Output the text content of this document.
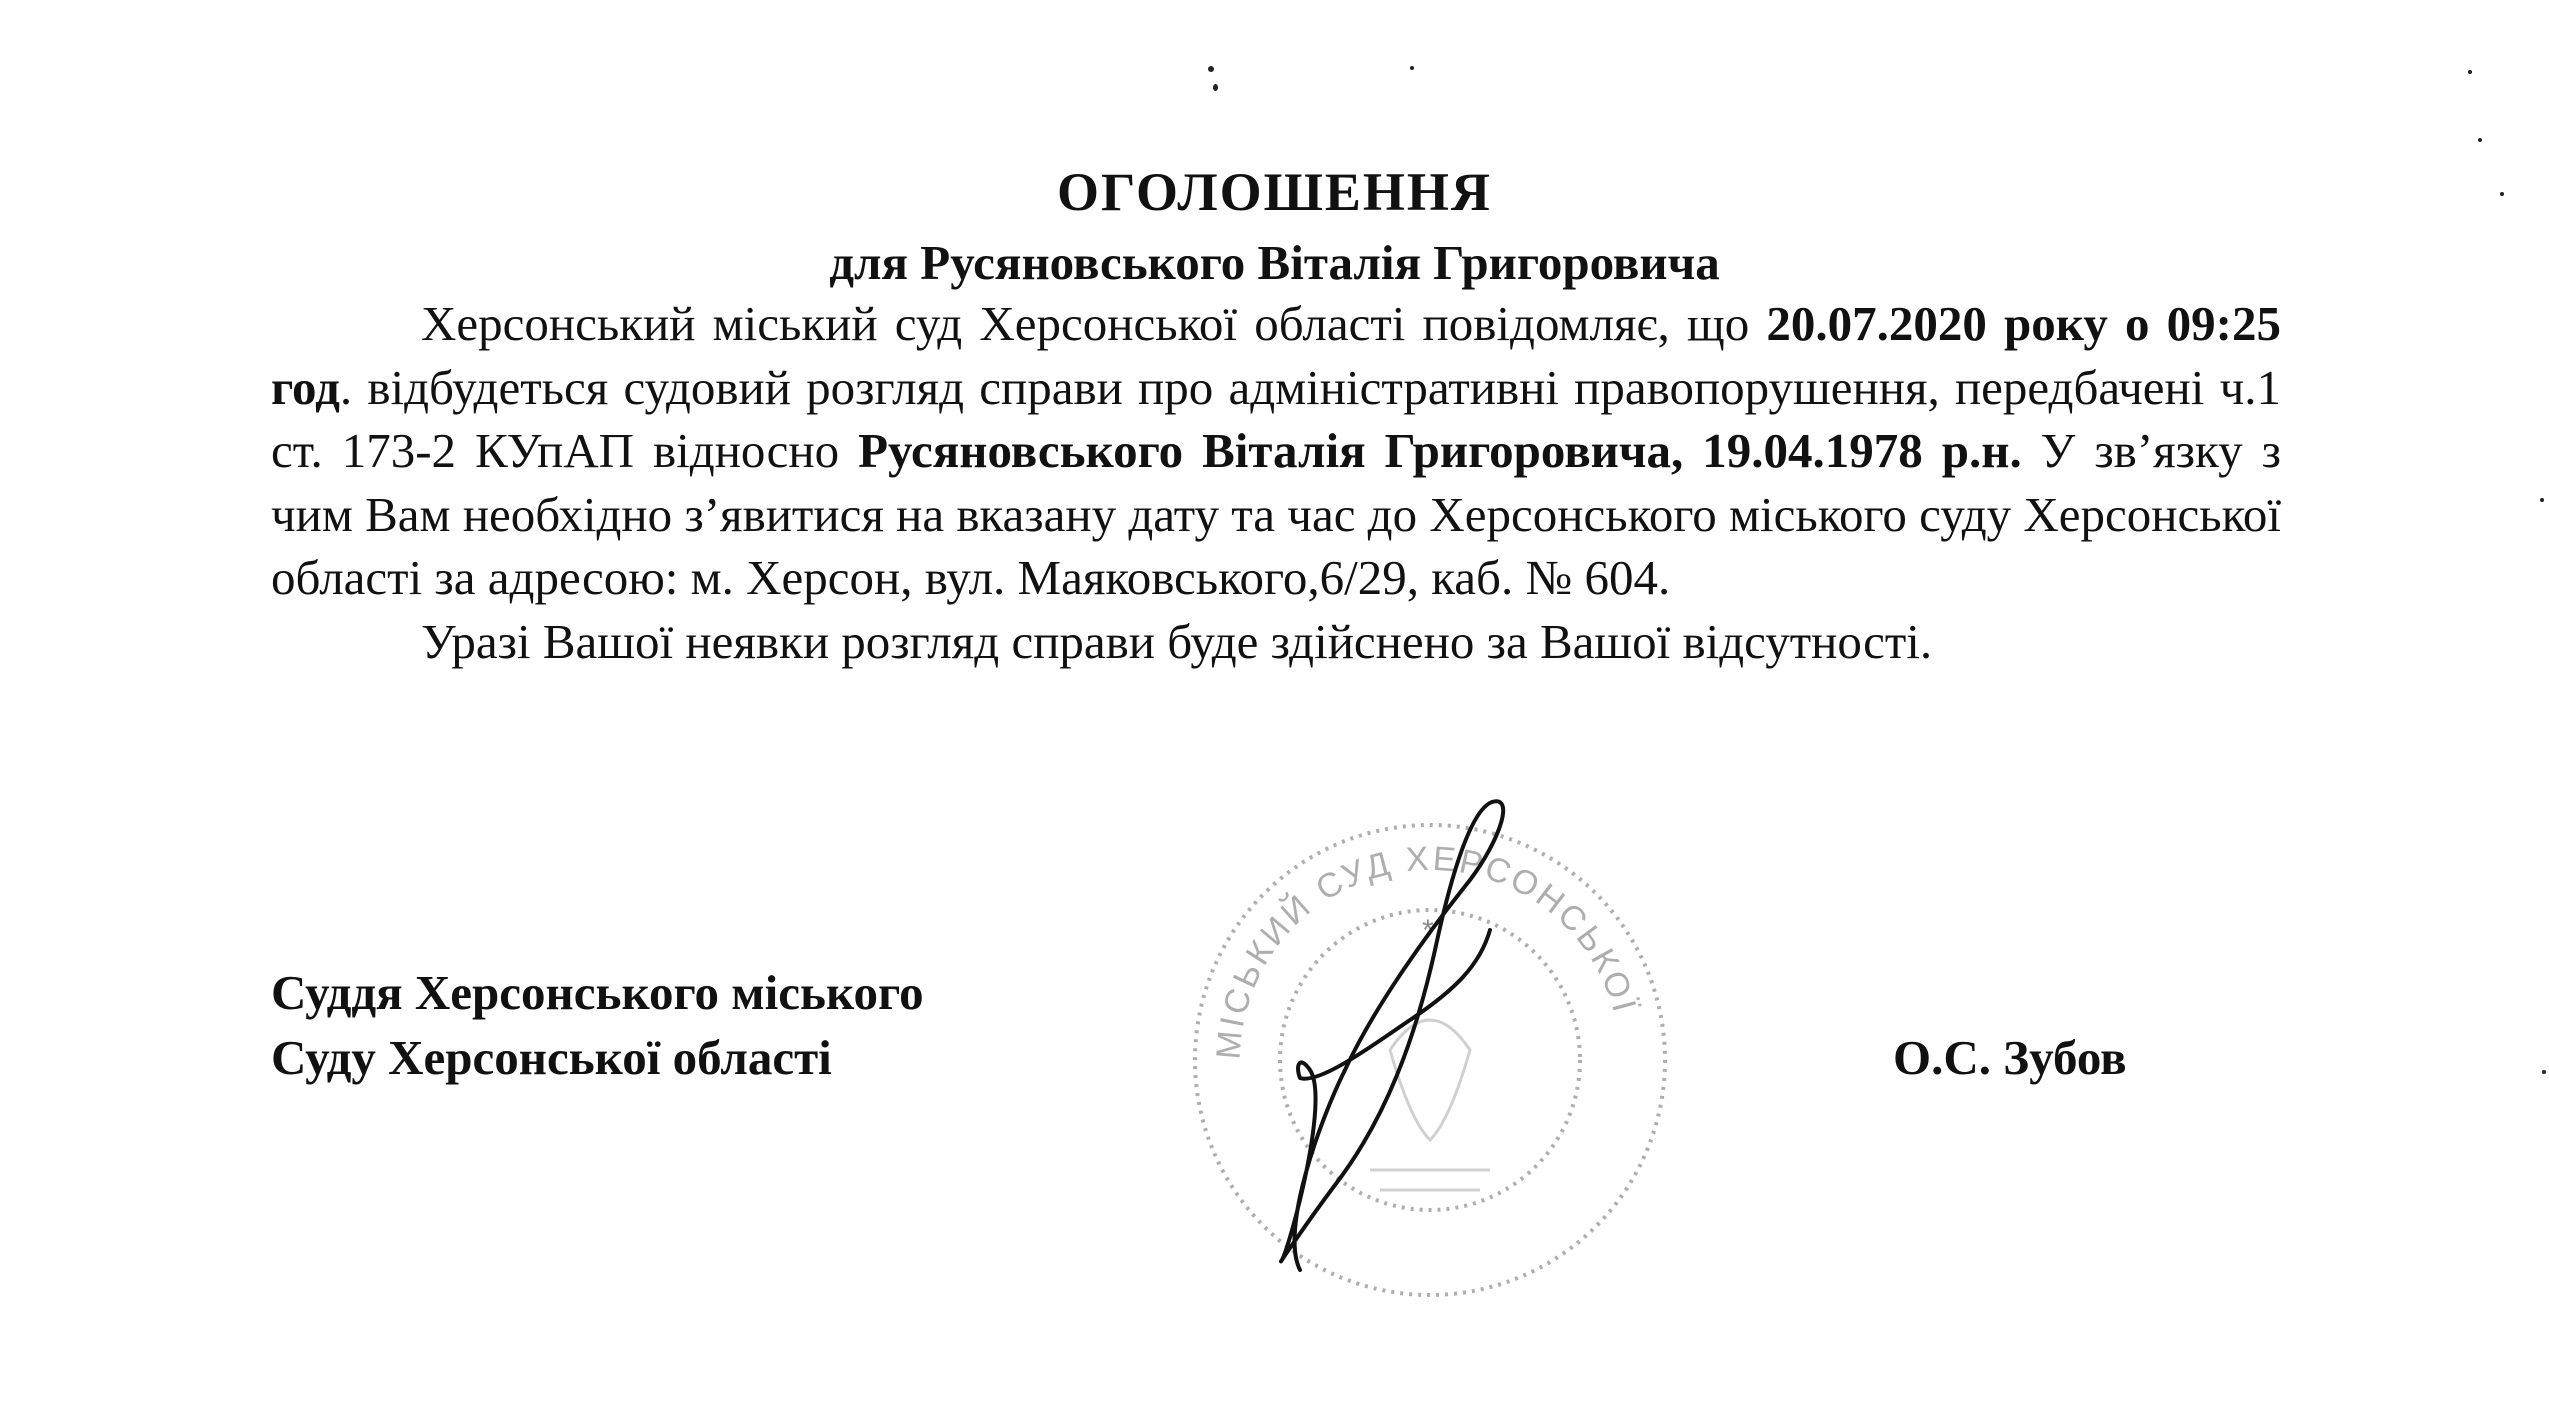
ОГОЛОШЕННЯ
для Русяновського Віталія Григоровича

Херсонський міський суд Херсонської області повідомляє, що 20.07.2020 року о 09:25 год. відбудеться судовий розгляд справи про адміністративні правопорушення, передбачені ч.1 ст. 173-2 КУпАП відносно Русяновського Віталія Григоровича, 19.04.1978 р.н. У зв’язку з чим Вам необхідно з’явитися на вказану дату та час до Херсонського міського суду Херсонської області за адресою: м. Херсон, вул. Маяковського,6/29, каб. № 604.

Уразі Вашої неявки розгляд справи буде здійснено за Вашої відсутності.

Суддя Херсонського міського
Суду Херсонської області	О.С. Зубов
МІСЬКИЙ СУД ХЕРСОНСЬКОЇ
*
